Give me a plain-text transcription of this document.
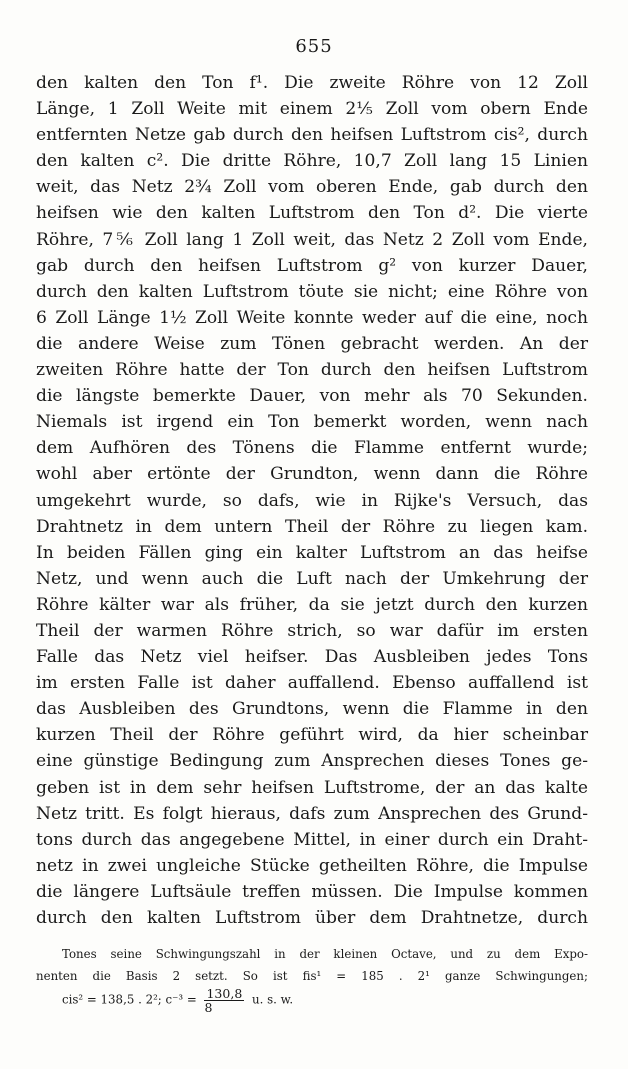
655
den kalten den Ton f¹. Die zweite Röhre von 12 Zoll
Länge, 1 Zoll Weite mit einem 2⅕ Zoll vom obern Ende
entfernten Netze gab durch den heifsen Luftstrom cis², durch
den kalten c². Die dritte Röhre, 10,7 Zoll lang 15 Linien
weit, das Netz 2¾ Zoll vom oberen Ende, gab durch den
heifsen wie den kalten Luftstrom den Ton d². Die vierte
Röhre, 7⅚ Zoll lang 1 Zoll weit, das Netz 2 Zoll vom Ende,
gab durch den heifsen Luftstrom g² von kurzer Dauer,
durch den kalten Luftstrom töute sie nicht; eine Röhre von
6 Zoll Länge 1½ Zoll Weite konnte weder auf die eine, noch
die andere Weise zum Tönen gebracht werden. An der
zweiten Röhre hatte der Ton durch den heifsen Luftstrom
die längste bemerkte Dauer, von mehr als 70 Sekunden.
Niemals ist irgend ein Ton bemerkt worden, wenn nach
dem Aufhören des Tönens die Flamme entfernt wurde;
wohl aber ertönte der Grundton, wenn dann die Röhre
umgekehrt wurde, so dafs, wie in Rijke's Versuch, das
Drahtnetz in dem untern Theil der Röhre zu liegen kam.
In beiden Fällen ging ein kalter Luftstrom an das heifse
Netz, und wenn auch die Luft nach der Umkehrung der
Röhre kälter war als früher, da sie jetzt durch den kurzen
Theil der warmen Röhre strich, so war dafür im ersten
Falle das Netz viel heifser. Das Ausbleiben jedes Tons
im ersten Falle ist daher auffallend. Ebenso auffallend ist
das Ausbleiben des Grundtons, wenn die Flamme in den
kurzen Theil der Röhre geführt wird, da hier scheinbar
eine günstige Bedingung zum Ansprechen dieses Tones ge-
geben ist in dem sehr heifsen Luftstrome, der an das kalte
Netz tritt. Es folgt hieraus, dafs zum Ansprechen des Grund-
tons durch das angegebene Mittel, in einer durch ein Draht-
netz in zwei ungleiche Stücke getheilten Röhre, die Impulse
die längere Luftsäule treffen müssen. Die Impulse kommen
durch den kalten Luftstrom über dem Drahtnetze, durch
Tones seine Schwingungszahl in der kleinen Octave, und zu dem Expo-
nenten die Basis 2 setzt. So ist fis¹ = 185 . 2¹ ganze Schwingungen;
cis² = 138,5 . 2²; $c^{-3} = \frac{130,8}{8} u$. s. w.
